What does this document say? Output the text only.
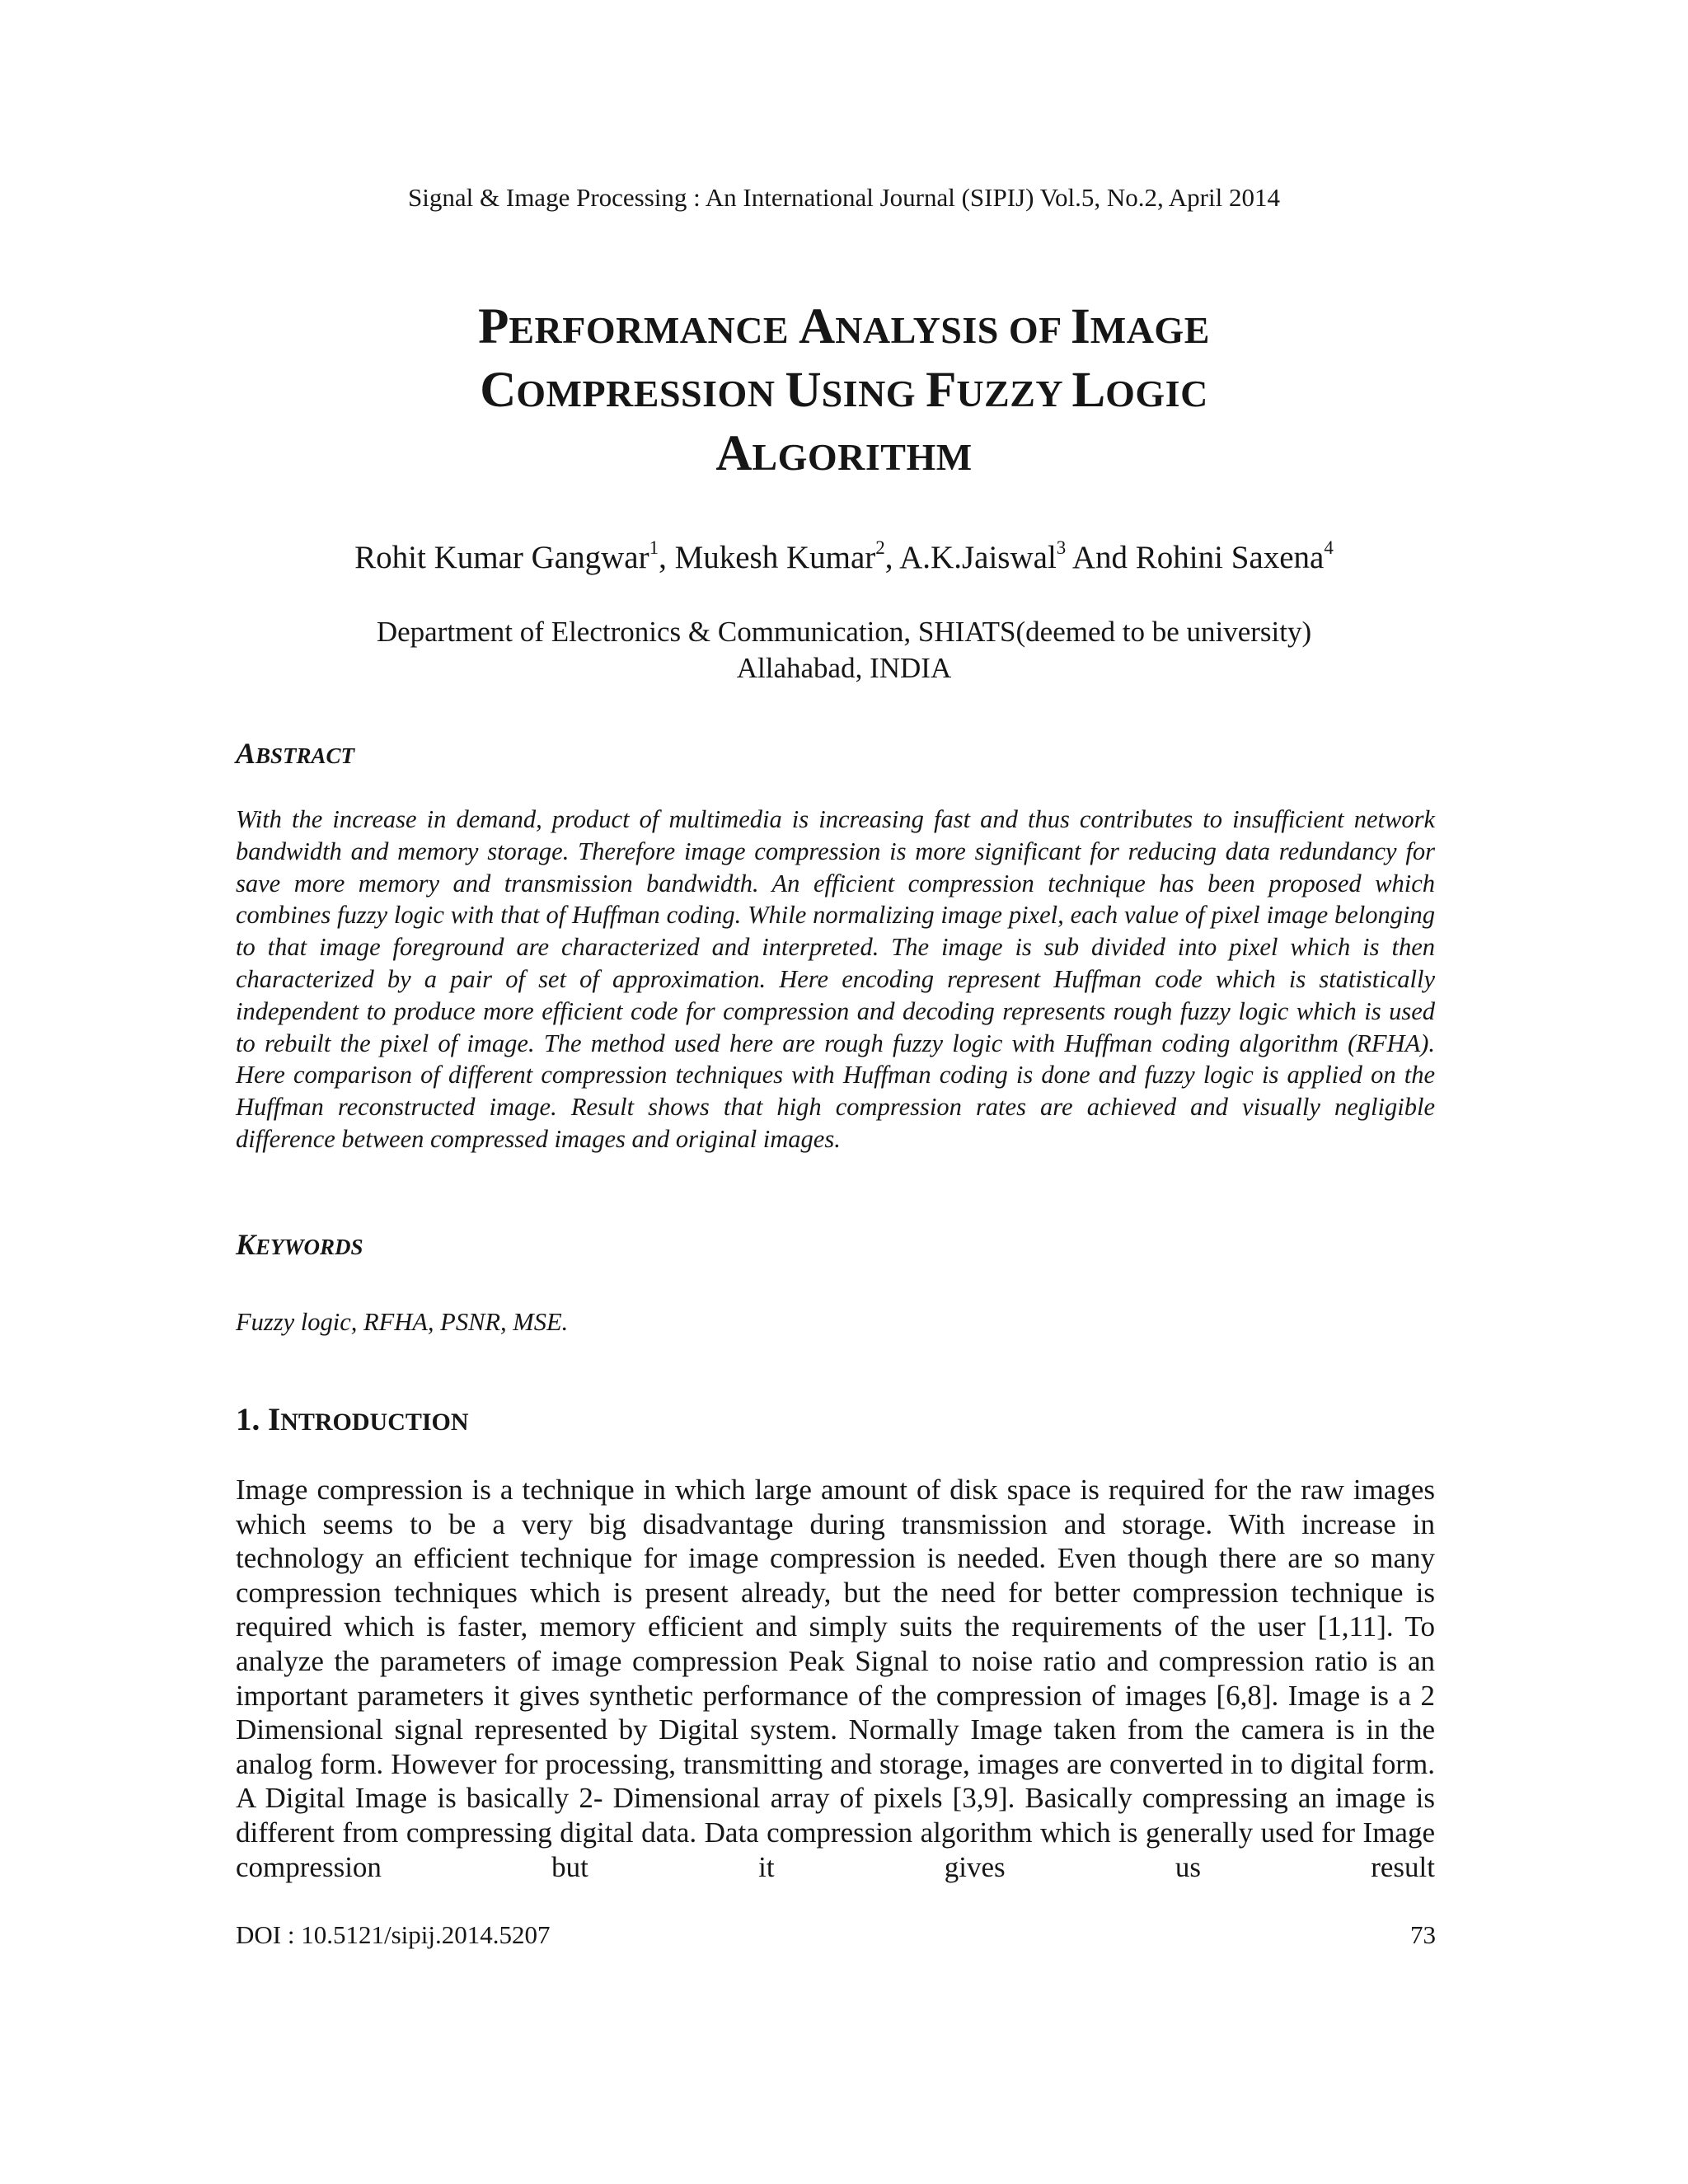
Signal & Image Processing : An International Journal (SIPIJ) Vol.5, No.2, April 2014
PERFORMANCE ANALYSIS OF IMAGE
COMPRESSION USING FUZZY LOGIC
ALGORITHM
Rohit Kumar Gangwar$^1$, Mukesh Kumar$^2$, A.K.Jaiswal$^3$ And Rohini Saxena$^4$
Department of Electronics & Communication, SHIATS(deemed to be university)
Allahabad, INDIA
ABSTRACT

With the increase in demand, product of multimedia is increasing fast and thus contributes to insufficient network bandwidth and memory storage. Therefore image compression is more significant for reducing data redundancy for save more memory and transmission bandwidth. An efficient compression technique has been proposed which combines fuzzy logic with that of Huffman coding. While normalizing image pixel, each value of pixel image belonging to that image foreground are characterized and interpreted. The image is sub divided into pixel which is then characterized by a pair of set of approximation. Here encoding represent Huffman code which is statistically independent to produce more efficient code for compression and decoding represents rough fuzzy logic which is used to rebuilt the pixel of image. The method used here are rough fuzzy logic with Huffman coding algorithm (RFHA). Here comparison of different compression techniques with Huffman coding is done and fuzzy logic is applied on the Huffman reconstructed image. Result shows that high compression rates are achieved and visually negligible difference between compressed images and original images.

KEYWORDS

Fuzzy logic, RFHA, PSNR, MSE.

1. INTRODUCTION

Image compression is a technique in which large amount of disk space is required for the raw images which seems to be a very big disadvantage during transmission and storage. With increase in technology an efficient technique for image compression is needed. Even though there are so many compression techniques which is present already, but the need for better compression technique is required which is faster, memory efficient and simply suits the requirements of the user [1,11]. To analyze the parameters of image compression Peak Signal to noise ratio and compression ratio is an important parameters it gives synthetic performance of the compression of images [6,8]. Image is a 2 Dimensional signal represented by Digital system. Normally Image taken from the camera is in the analog form. However for processing, transmitting and storage, images are converted in to digital form. A Digital Image is basically 2- Dimensional array of pixels [3,9]. Basically compressing an image is different from compressing digital data. Data compression algorithm which is generally used for Image compression but it gives us result

DOI : 10.5121/sipij.2014.5207	73
